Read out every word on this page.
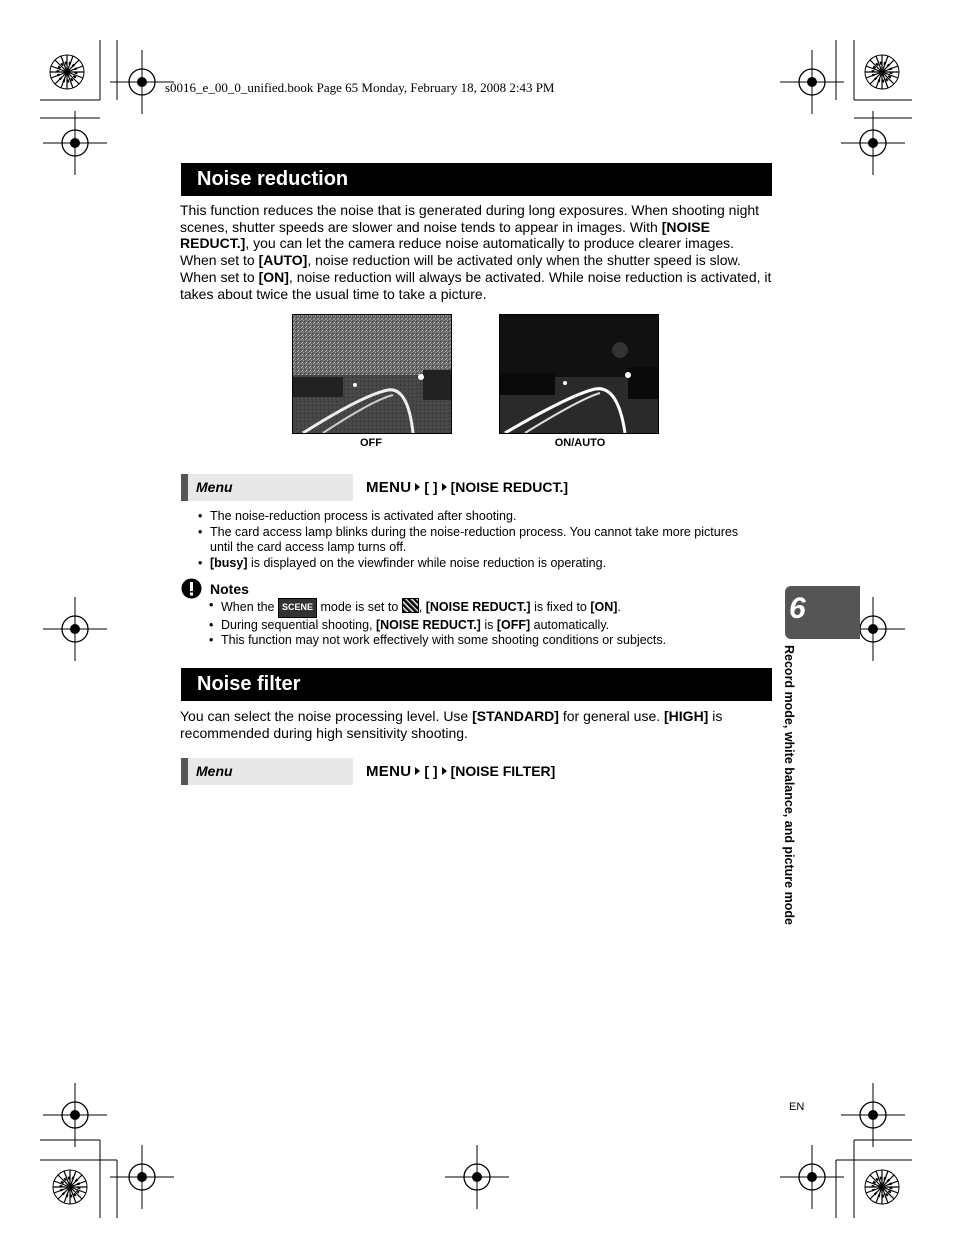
s0016_e_00_0_unified.book Page 65 Monday, February 18, 2008 2:43 PM
Noise reduction
This function reduces the noise that is generated during long exposures. When shooting night scenes, shutter speeds are slower and noise tends to appear in images. With [NOISE REDUCT.], you can let the camera reduce noise automatically to produce clearer images. When set to [AUTO], noise reduction will be activated only when the shutter speed is slow. When set to [ON], noise reduction will always be activated. While noise reduction is activated, it takes about twice the usual time to take a picture.
OFF	ON/AUTO
Menu	MENU [ ] [NOISE REDUCT.]
• The noise-reduction process is activated after shooting.
• The card access lamp blinks during the noise-reduction process. You cannot take more pictures until the card access lamp turns off.
• [busy] is displayed on the viewfinder while noise reduction is operating.
Notes
• When the SCENE mode is set to , [NOISE REDUCT.] is fixed to [ON].
• During sequential shooting, [NOISE REDUCT.] is [OFF] automatically.
• This function may not work effectively with some shooting conditions or subjects.
Noise filter
You can select the noise processing level. Use [STANDARD] for general use. [HIGH] is recommended during high sensitivity shooting.
Menu	MENU [ ] [NOISE FILTER]
6
Record mode, white balance, and picture mode
EN
